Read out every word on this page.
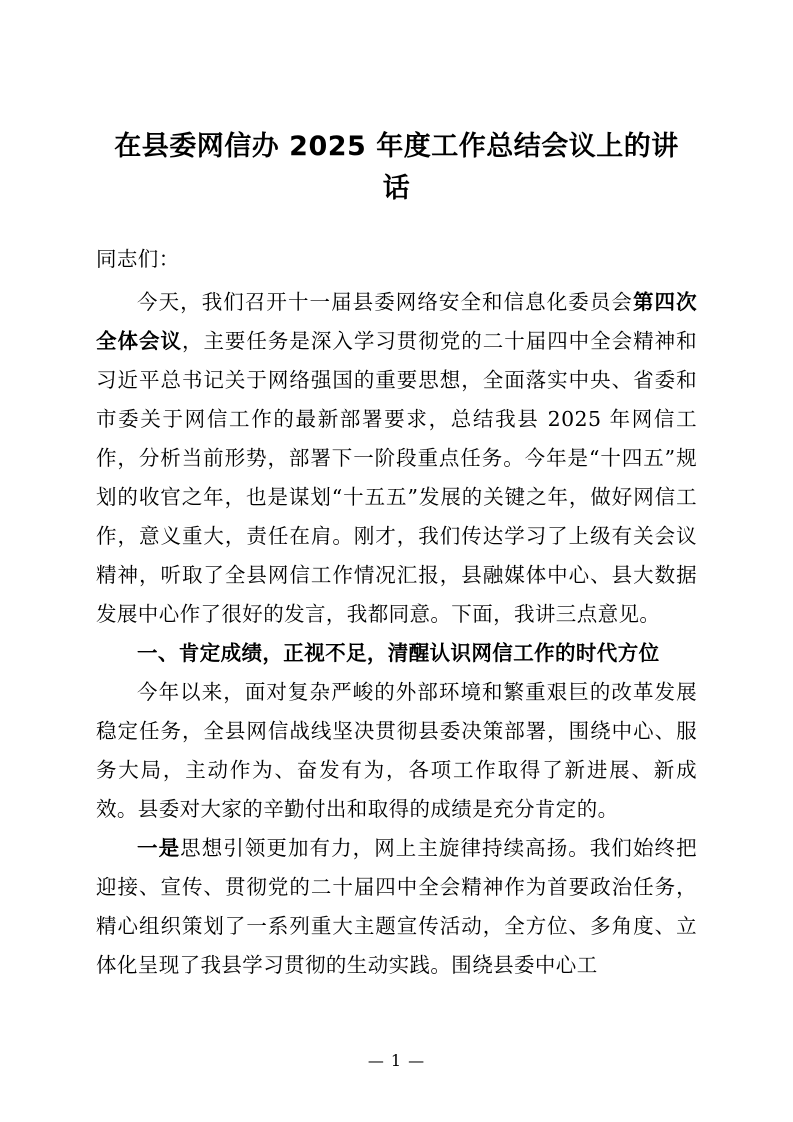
在县委网信办 2025 年度工作总结会议上的讲话
同志们：

今天，我们召开十一届县委网络安全和信息化委员会第四次全体会议，主要任务是深入学习贯彻党的二十届四中全会精神和习近平总书记关于网络强国的重要思想，全面落实中央、省委和市委关于网信工作的最新部署要求，总结我县 2025 年网信工作，分析当前形势，部署下一阶段重点任务。今年是“十四五”规划的收官之年，也是谋划“十五五”发展的关键之年，做好网信工作，意义重大，责任在肩。刚才，我们传达学习了上级有关会议精神，听取了全县网信工作情况汇报，县融媒体中心、县大数据发展中心作了很好的发言，我都同意。下面，我讲三点意见。

一、肯定成绩，正视不足，清醒认识网信工作的时代方位

今年以来，面对复杂严峻的外部环境和繁重艰巨的改革发展稳定任务，全县网信战线坚决贯彻县委决策部署，围绕中心、服务大局，主动作为、奋发有为，各项工作取得了新进展、新成效。县委对大家的辛勤付出和取得的成绩是充分肯定的。

一是思想引领更加有力，网上主旋律持续高扬。我们始终把迎接、宣传、贯彻党的二十届四中全会精神作为首要政治任务，精心组织策划了一系列重大主题宣传活动，全方位、多角度、立体化呈现了我县学习贯彻的生动实践。围绕县委中心工

— 1 —
